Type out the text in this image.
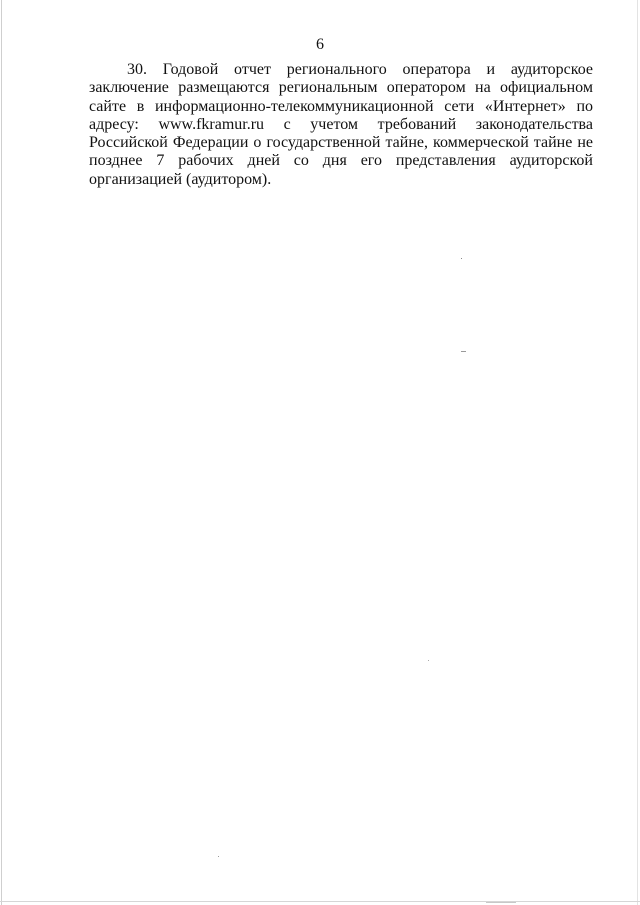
6

30. Годовой отчет регионального оператора и аудиторское заключение размещаются региональным оператором на официальном сайте в информационно-телекоммуникационной сети «Интернет» по адресу: www.fkramur.ru с учетом требований законодательства Российской Федерации о государственной тайне, коммерческой тайне не позднее 7 рабочих дней со дня его представления аудиторской организацией (аудитором).
